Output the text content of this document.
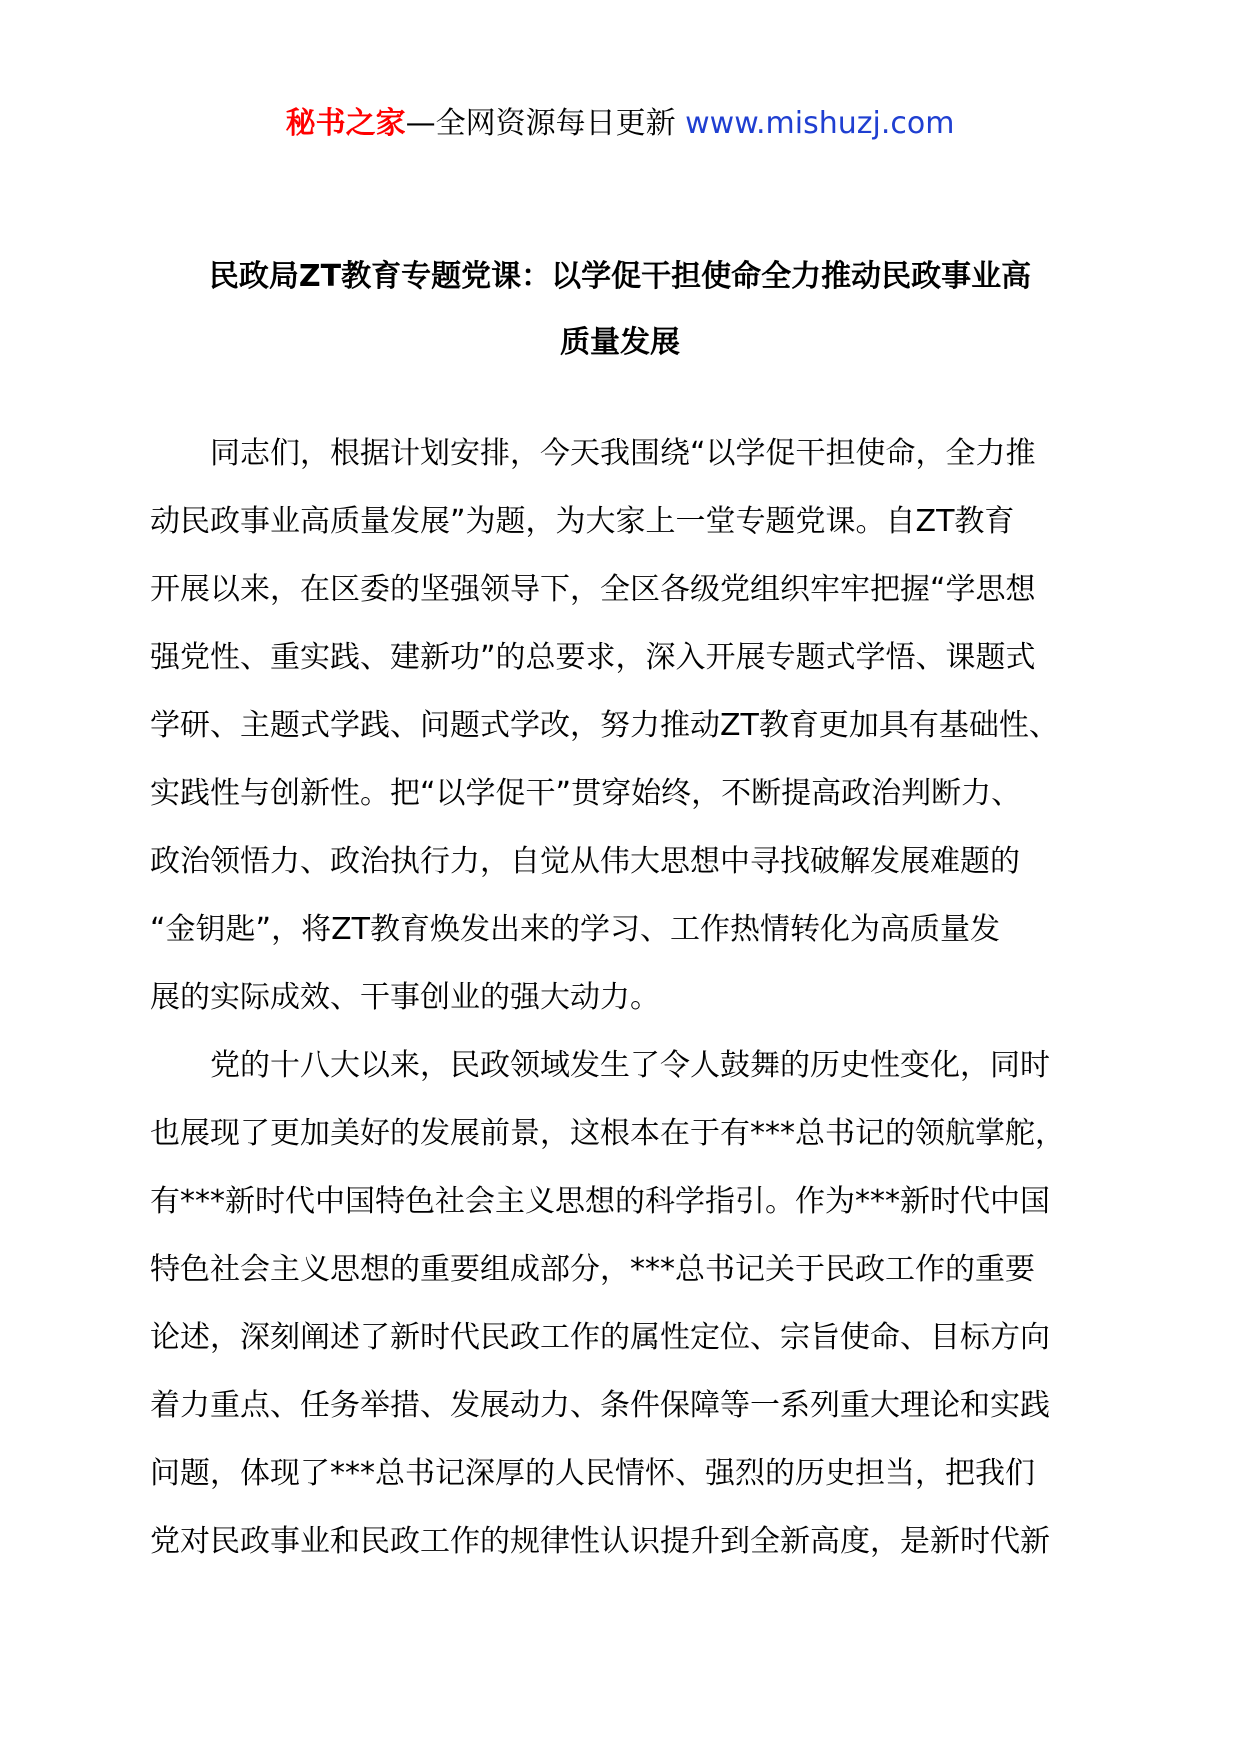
秘书之家—全网资源每日更新 www.mishuzj.com
民政局ZT教育专题党课：以学促干担使命全力推动民政事业高
质量发展

　　同志们，根据计划安排，今天我围绕“以学促干担使命，全力推
动民政事业高质量发展”为题，为大家上一堂专题党课。自ZT教育
开展以来，在区委的坚强领导下，全区各级党组织牢牢把握“学思想
强党性、重实践、建新功”的总要求，深入开展专题式学悟、课题式
学研、主题式学践、问题式学改，努力推动ZT教育更加具有基础性、
实践性与创新性。把“以学促干”贯穿始终，不断提高政治判断力、
政治领悟力、政治执行力，自觉从伟大思想中寻找破解发展难题的
“金钥匙”，将ZT教育焕发出来的学习、工作热情转化为高质量发
展的实际成效、干事创业的强大动力。

　　党的十八大以来，民政领域发生了令人鼓舞的历史性变化，同时
也展现了更加美好的发展前景，这根本在于有***总书记的领航掌舵，
有***新时代中国特色社会主义思想的科学指引。作为***新时代中国
特色社会主义思想的重要组成部分，***总书记关于民政工作的重要
论述，深刻阐述了新时代民政工作的属性定位、宗旨使命、目标方向
着力重点、任务举措、发展动力、条件保障等一系列重大理论和实践
问题，体现了***总书记深厚的人民情怀、强烈的历史担当，把我们
党对民政事业和民政工作的规律性认识提升到全新高度，是新时代新
